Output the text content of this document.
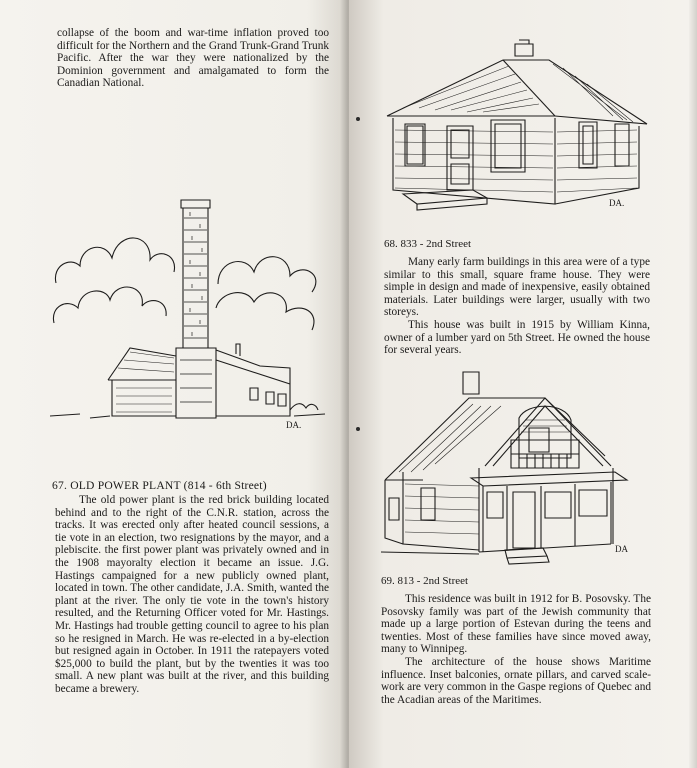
collapse of the boom and war-time inflation proved too difficult for the Northern and the Grand Trunk-Grand Trunk Pacific. After the war they were nationalized by the Dominion government and amalgamated to form the Canadian National.

DA.
67. OLD POWER PLANT (814 - 6th Street)

The old power plant is the red brick building located behind and to the right of the C.N.R. station, across the tracks. It was erected only after heated council sessions, a tie vote in an election, two resignations by the mayor, and a plebiscite. the first power plant was privately owned and in the 1908 mayoralty election it became an issue. J.G. Hastings campaigned for a new publicly owned plant, located in town. The other candidate, J.A. Smith, wanted the plant at the river. The only tie vote in the town's history resulted, and the Returning Officer voted for Mr. Hastings. Mr. Hastings had trouble getting council to agree to his plan so he resigned in March. He was re-elected in a by-election but resigned again in October. In 1911 the ratepayers voted $25,000 to build the plant, but by the twenties it was too small. A new plant was built at the river, and this building became a brewery.

DA.
68. 833 - 2nd Street

Many early farm buildings in this area were of a type similar to this small, square frame house. They were simple in design and made of inexpensive, easily obtained materials. Later buildings were larger, usually with two storeys.

This house was built in 1915 by William Kinna, owner of a lumber yard on 5th Street. He owned the house for several years.

DA
69. 813 - 2nd Street

This residence was built in 1912 for B. Posovsky. The Posovsky family was part of the Jewish community that made up a large portion of Estevan during the teens and twenties. Most of these families have since moved away, many to Winnipeg.

The architecture of the house shows Maritime influence. Inset balconies, ornate pillars, and carved scale-work are very common in the Gaspe regions of Quebec and the Acadian areas of the Maritimes.
